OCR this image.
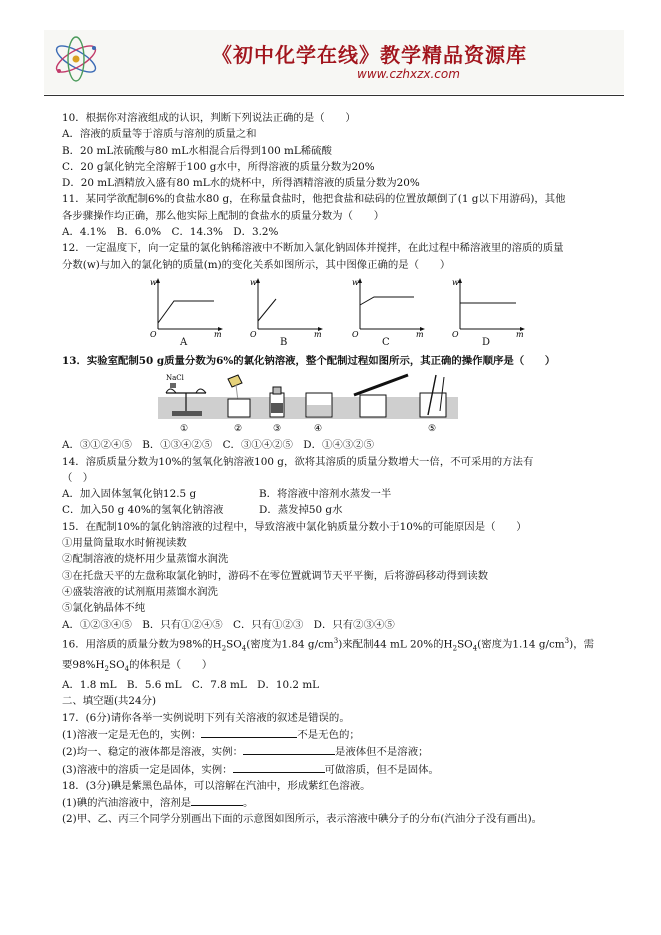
《初中化学在线》教学精品资源库
www.czhxzx.com
10．根据你对溶液组成的认识，判断下列说法正确的是（　　）
A．溶液的质量等于溶质与溶剂的质量之和
B．20 mL浓硫酸与80 mL水相混合后得到100 mL稀硫酸
C．20 g氯化钠完全溶解于100 g水中，所得溶液的质量分数为20%
D．20 mL酒精放入盛有80 mL水的烧杯中，所得酒精溶液的质量分数为20%
11．某同学欲配制6%的食盐水80 g，在称量食盐时，他把食盐和砝码的位置放颠倒了(1 g以下用游码)，其他
各步骤操作均正确，那么他实际上配制的食盐水的质量分数为（　　）
A．4.1%　B．6.0%　C．14.3%　D．3.2%
12．一定温度下，向一定量的氯化钠稀溶液中不断加入氯化钠固体并搅拌，在此过程中稀溶液里的溶质的质量
分数(w)与加入的氯化钠的质量(m)的变化关系如图所示，其中图像正确的是（　　）
w
O	m
w
O	m
w
O	m
w
O	m
A	B	C	D
13．实验室配制50 g质量分数为6%的氯化钠溶液，整个配制过程如图所示，其正确的操作顺序是（　　）
NaCl
①	②	③	④	⑤
A．③①②④⑤　B．①③④②⑤　C．③①④②⑤　D．①④③②⑤
14．溶质质量分数为10%的氢氧化钠溶液100 g，欲将其溶质的质量分数增大一倍，不可采用的方法有
（　）
A．加入固体氢氧化钠12.5 g	B．将溶液中溶剂水蒸发一半
C．加入50 g 40%的氢氧化钠溶液	D．蒸发掉50 g水
15．在配制10%的氯化钠溶液的过程中，导致溶液中氯化钠质量分数小于10%的可能原因是（　　）
①用量筒量取水时俯视读数
②配制溶液的烧杯用少量蒸馏水润洗
③在托盘天平的左盘称取氯化钠时，游码不在零位置就调节天平平衡，后将游码移动得到读数
④盛装溶液的试剂瓶用蒸馏水润洗
⑤氯化钠晶体不纯
A．①②③④⑤　B．只有①②④⑤　C．只有①②③　D．只有②③④⑤
16．用溶质的质量分数为98%的$H_2SO_4$(密度为1.84 $g/cm^3$)来配制44 mL 20%的$H_2SO_4$(密度为1.14 $g/cm^3$)，需
要$98\%H_2SO_4$的体积是（　　）
A．1.8 mL　B．5.6 mL　C．7.8 mL　D．10.2 mL
二、填空题(共24分)
17．(6分)请你各举一实例说明下列有关溶液的叙述是错误的。
(1)溶液一定是无色的，实例：	不是无色的；
(2)均一、稳定的液体都是溶液，实例：	是液体但不是溶液；
(3)溶液中的溶质一定是固体，实例：	可做溶质，但不是固体。
18．(3分)碘是紫黑色晶体，可以溶解在汽油中，形成紫红色溶液。
(1)碘的汽油溶液中，溶剂是	。
(2)甲、乙、丙三个同学分别画出下面的示意图如图所示，表示溶液中碘分子的分布(汽油分子没有画出)。
